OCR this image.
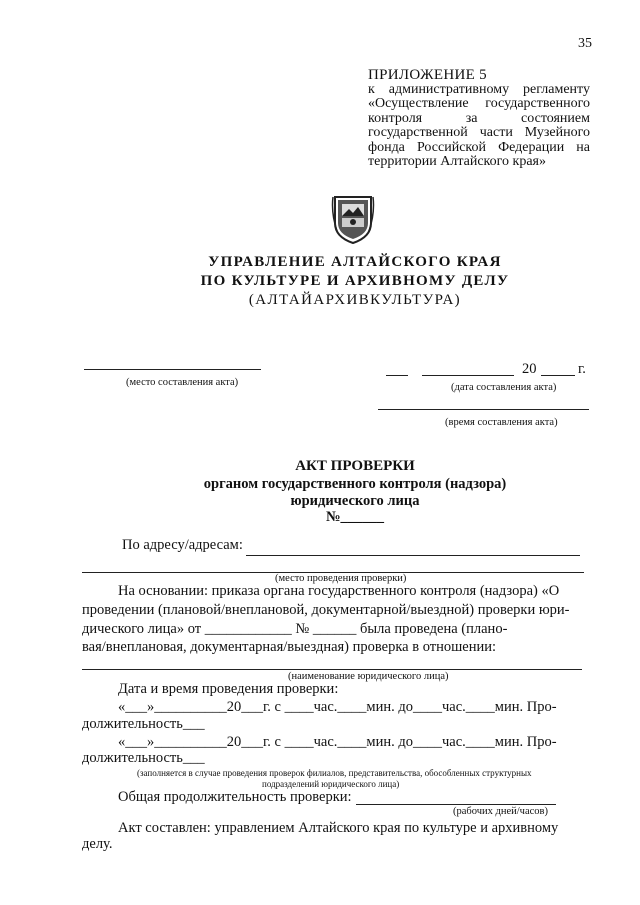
35
ПРИЛОЖЕНИЕ 5
к административному регламенту «Осуществление государственного контроля за состоянием государственной части Музейного фонда Российской Федерации на территории Алтайского края»
УПРАВЛЕНИЕ АЛТАЙСКОГО КРАЯ
ПО КУЛЬТУРЕ И АРХИВНОМУ ДЕЛУ
(АЛТАЙАРХИВКУЛЬТУРА)
(место составления акта)
20	г.
(дата составления акта)
(время составления акта)
АКТ ПРОВЕРКИ
органом государственного контроля (надзора)
юридического лица
№______
По адресу/адресам:
(место проведения проверки)
На основании: приказа органа государственного контроля (надзора) «О
проведении (плановой/внеплановой, документарной/выездной) проверки юри-
дического лица» от ____________ № ______ была проведена (плано-
вая/внеплановая, документарная/выездная) проверка в отношении:
(наименование юридического лица)
Дата и время проведения проверки:
«___»__________20___г. с ____час.____мин. до____час.____мин. Про-
должительность___
«___»__________20___г. с ____час.____мин. до____час.____мин. Про-
должительность___
(заполняется в случае проведения проверок филиалов, представительства, обособленных структурных
подразделений юридического лица)
Общая продолжительность проверки:
(рабочих дней/часов)
Акт составлен: управлением Алтайского края по культуре и архивному
делу.
